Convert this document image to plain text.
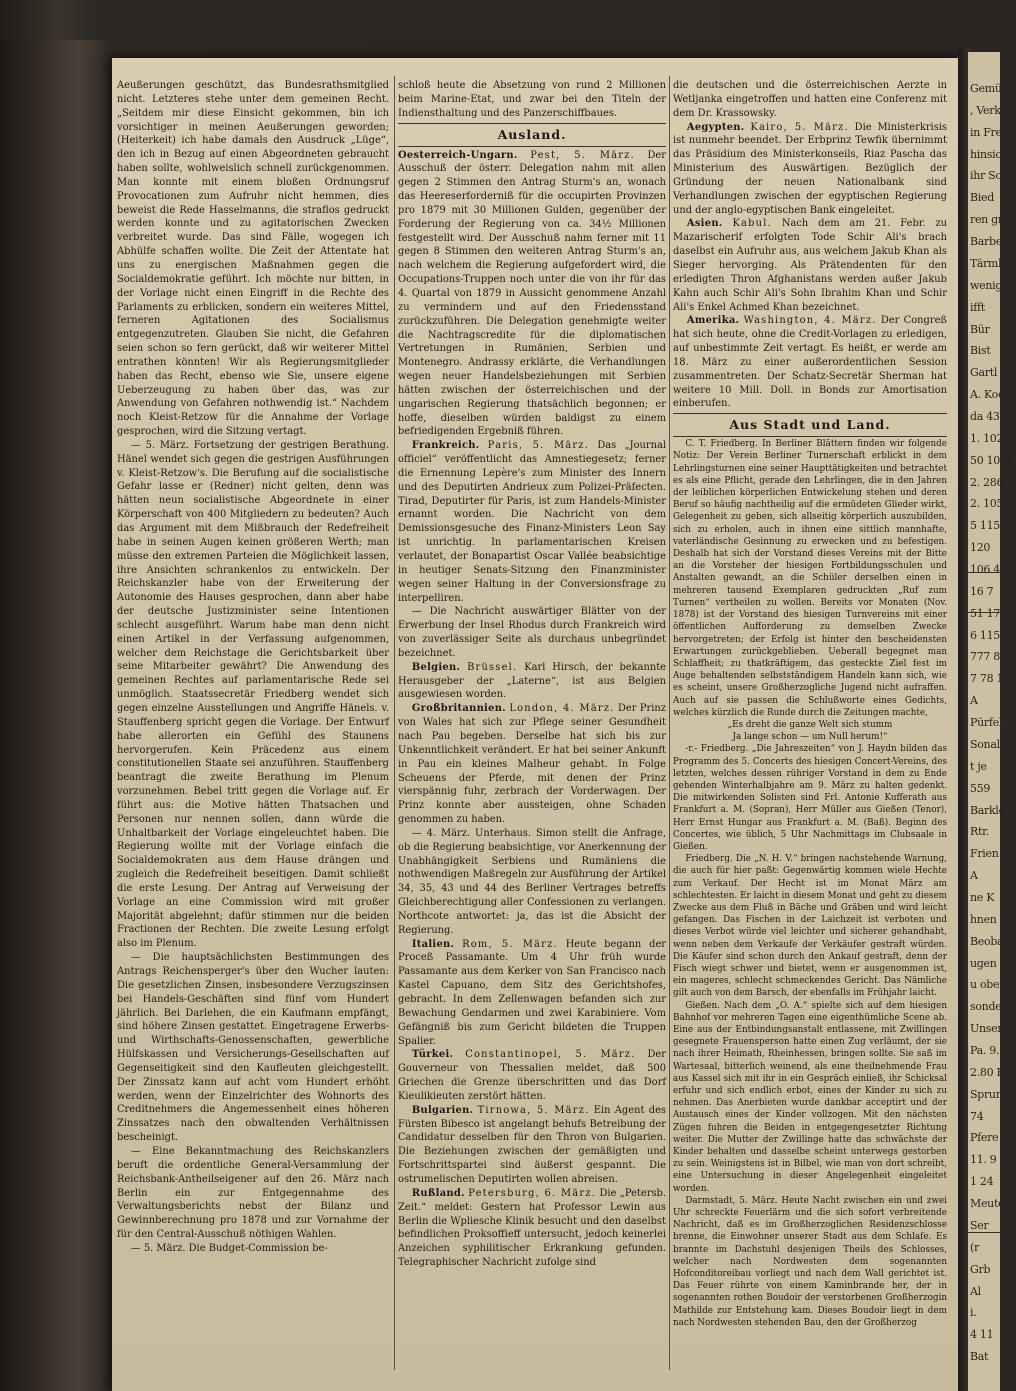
Gemüth
, Verkä
in Fre
hinsich
ihr Sch
Bied
ren gr
Barbe
Tärmber
wenig
ifft
Bür
Bist
Gartl
A. Kool
da 437
1. 1025
50 1028
2. 286
2. 105
5 1155
120
106 4
16 7
51 170
6 115
777 8
7 78 12
A
Pürfel
Sonal
t je
559
Barkle
Rtr.
Frien
A
ne K
hnen
Beobact
ugen
u ober
sonder
Unser
Pa. 9.
2.80 F
Sprun
74
Pfere
11. 9
1 24
Meute
Ser
(r
Grb
Al
i.
4 11
Bat

Aeußerungen geschützt, das Bundesrathsmitglied nicht. Letzteres stehe unter dem gemeinen Recht. „Seitdem mir diese Einsicht gekommen, bin ich vorsichtiger in meinen Aeußerungen geworden; (Heiterkeit) ich habe damals den Ausdruck „Lüge“, den ich in Bezug auf einen Abgeordneten gebraucht haben sollte, wohlweislich schnell zurückgenommen. Man konnte mit einem bloßen Ordnungsruf Provocationen zum Aufruhr nicht hemmen, dies beweist die Rede Hasselmanns, die straflos gedruckt werden konnte und zu agitatorischen Zwecken verbreitet wurde. Das sind Fälle, wogegen ich Abhülfe schaffen wollte. Die Zeit der Attentate hat uns zu energischen Maßnahmen gegen die Socialdemokratie geführt. Ich möchte nur bitten, in der Vorlage nicht einen Eingriff in die Rechte des Parlaments zu erblicken, sondern ein weiteres Mittel, ferneren Agitationen des Socialismus entgegenzutreten. Glauben Sie nicht, die Gefahren seien schon so fern gerückt, daß wir weiterer Mittel entrathen könnten! Wir als Regierungsmitglieder haben das Recht, ebenso wie Sie, unsere eigene Ueberzeugung zu haben über das, was zur Anwendung von Gefahren nothwendig ist.“ Nachdem noch Kleist-Retzow für die Annahme der Vorlage gesprochen, wird die Sitzung vertagt.

— 5. März. Fortsetzung der gestrigen Berathung. Hänel wendet sich gegen die gestrigen Ausführungen v. Kleist-Retzow's. Die Berufung auf die socialistische Gefahr lasse er (Redner) nicht gelten, denn was hätten neun socialistische Abgeordnete in einer Körperschaft von 400 Mitgliedern zu bedeuten? Auch das Argument mit dem Mißbrauch der Redefreiheit habe in seinen Augen keinen größeren Werth; man müsse den extremen Parteien die Möglichkeit lassen, ihre Ansichten schrankenlos zu entwickeln. Der Reichskanzler habe von der Erweiterung der Autonomie des Hauses gesprochen, dann aber habe der deutsche Justizminister seine Intentionen schlecht ausgeführt. Warum habe man denn nicht einen Artikel in der Verfassung aufgenommen, welcher dem Reichstage die Gerichtsbarkeit über seine Mitarbeiter gewährt? Die Anwendung des gemeinen Rechtes auf parlamentarische Rede sei unmöglich. Staatssecretär Friedberg wendet sich gegen einzelne Ausstellungen und Angriffe Hänels. v. Stauffenberg spricht gegen die Vorlage. Der Entwurf habe allerorten ein Gefühl des Staunens hervorgerufen. Kein Präcedenz aus einem constitutionellen Staate sei anzuführen. Stauffenberg beantragt die zweite Berathung im Plenum vorzunehmen. Bebel tritt gegen die Vorlage auf. Er führt aus: die Motive hätten Thatsachen und Personen nur nennen sollen, dann würde die Unhaltbarkeit der Vorlage eingeleuchtet haben. Die Regierung wollte mit der Vorlage einfach die Socialdemokraten aus dem Hause drängen und zugleich die Redefreiheit beseitigen. Damit schließt die erste Lesung. Der Antrag auf Verweisung der Vorlage an eine Commission wird mit großer Majorität abgelehnt; dafür stimmen nur die beiden Fractionen der Rechten. Die zweite Lesung erfolgt also im Plenum.

— Die hauptsächlichsten Bestimmungen des Antrags Reichensperger's über den Wucher lauten: Die gesetzlichen Zinsen, insbesondere Verzugszinsen bei Handels-Geschäften sind fünf vom Hundert jährlich. Bei Darlehen, die ein Kaufmann empfängt, sind höhere Zinsen gestattet. Eingetragene Erwerbs- und Wirthschafts-Genossenschaften, gewerbliche Hülfskassen und Versicherungs-Gesellschaften auf Gegenseitigkeit sind den Kaufleuten gleichgestellt. Der Zinssatz kann auf acht vom Hundert erhöht werden, wenn der Einzelrichter des Wohnorts des Creditnehmers die Angemessenheit eines höheren Zinssatzes nach den obwaltenden Verhältnissen bescheinigt.

— Eine Bekanntmachung des Reichskanzlers beruft die ordentliche General-Versammlung der Reichsbank-Antheilseigener auf den 26. März nach Berlin ein zur Entgegennahme des Verwaltungsberichts nebst der Bilanz und Gewinnberechnung pro 1878 und zur Vornahme der für den Central-Ausschuß nöthigen Wahlen.

— 5. März. Die Budget-Commission be-

schloß heute die Absetzung von rund 2 Millionen beim Marine-Etat, und zwar bei den Titeln der Indiensthaltung und des Panzerschiffbaues.

Ausland.

Oesterreich-Ungarn. Pest, 5. März. Der Ausschuß der österr. Delegation nahm mit allen gegen 2 Stimmen den Antrag Sturm's an, wonach das Heereserforderniß für die occupirten Provinzen pro 1879 mit 30 Millionen Gulden, gegenüber der Forderung der Regierung von ca. 34½ Millionen festgestellt wird. Der Ausschuß nahm ferner mit 11 gegen 8 Stimmen den weiteren Antrag Sturm's an, nach welchem die Regierung aufgefordert wird, die Occupations-Truppen noch unter die von ihr für das 4. Quartal von 1879 in Aussicht genommene Anzahl zu vermindern und auf den Friedensstand zurückzuführen. Die Delegation genehmigte weiter die Nachtragscredite für die diplomatischen Vertretungen in Rumänien, Serbien und Montenegro. Andrassy erklärte, die Verhandlungen wegen neuer Handelsbeziehungen mit Serbien hätten zwischen der österreichischen und der ungarischen Regierung thatsächlich begonnen; er hoffe, dieselben würden baldigst zu einem befriedigenden Ergebniß führen.

Frankreich. Paris, 5. März. Das „Journal officiel“ veröffentlicht das Amnestiegesetz; ferner die Ernennung Lepère's zum Minister des Innern und des Deputirten Andrieux zum Polizei-Präfecten. Tirad, Deputirter für Paris, ist zum Handels-Minister ernannt worden. Die Nachricht von dem Demissionsgesuche des Finanz-Ministers Leon Say ist unrichtig. In parlamentarischen Kreisen verlautet, der Bonapartist Oscar Vallée beabsichtige in heutiger Senats-Sitzung den Finanzminister wegen seiner Haltung in der Conversionsfrage zu interpelliren.

— Die Nachricht auswärtiger Blätter von der Erwerbung der Insel Rhodus durch Frankreich wird von zuverlässiger Seite als durchaus unbegründet bezeichnet.

Belgien. Brüssel. Karl Hirsch, der bekannte Herausgeber der „Laterne“, ist aus Belgien ausgewiesen worden.

Großbritannien. London, 4. März. Der Prinz von Wales hat sich zur Pflege seiner Gesundheit nach Pau begeben. Derselbe hat sich bis zur Unkenntlichkeit verändert. Er hat bei seiner Ankunft in Pau ein kleines Malheur gehabt. In Folge Scheuens der Pferde, mit denen der Prinz vierspännig fuhr, zerbrach der Vorderwagen. Der Prinz konnte aber aussteigen, ohne Schaden genommen zu haben.

— 4. März. Unterhaus. Simon stellt die Anfrage, ob die Regierung beabsichtige, vor Anerkennung der Unabhängigkeit Serbiens und Rumäniens die nothwendigen Maßregeln zur Ausführung der Artikel 34, 35, 43 und 44 des Berliner Vertrages betreffs Gleichberechtigung aller Confessionen zu verlangen. Northcote antwortet: ja, das ist die Absicht der Regierung.

Italien. Rom, 5. März. Heute begann der Proceß Passamante. Um 4 Uhr früh wurde Passamante aus dem Kerker von San Francisco nach Kastel Capuano, dem Sitz des Gerichtshofes, gebracht. In dem Zellenwagen befanden sich zur Bewachung Gendarmen und zwei Karabiniere. Vom Gefängniß bis zum Gericht bildeten die Truppen Spalier.

Türkei. Constantinopel, 5. März. Der Gouverneur von Thessalien meldet, daß 500 Griechen die Grenze überschritten und das Dorf Kieulikieuten zerstört hätten.

Bulgarien. Tirnowa, 5. März. Ein Agent des Fürsten Bibesco ist angelangt behufs Betreibung der Candidatur desselben für den Thron von Bulgarien. Die Beziehungen zwischen der gemäßigten und Fortschrittspartei sind äußerst gespannt. Die ostrumelischen Deputirten wollen abreisen.

Rußland. Petersburg, 6. März. Die „Petersb. Zeit.“ meldet: Gestern hat Professor Lewin aus Berlin die Wpliesche Klinik besucht und den daselbst befindlichen Proksoffieff untersucht, jedoch keinerlei Anzeichen syphilitischer Erkrankung gefunden. Telegraphischer Nachricht zufolge sind

die deutschen und die österreichischen Aerzte in Wetljanka eingetroffen und hatten eine Conferenz mit dem Dr. Krassowsky.

Aegypten. Kairo, 5. März. Die Ministerkrisis ist nunmehr beendet. Der Erbprinz Tewfik übernimmt das Präsidium des Ministerkonseils, Riaz Pascha das Ministerium des Auswärtigen. Bezüglich der Gründung der neuen Nationalbank sind Verhandlungen zwischen der egyptischen Regierung und der anglo-egyptischen Bank eingeleitet.

Asien. Kabul. Nach dem am 21. Febr. zu Mazarischerif erfolgten Tode Schir Ali's brach daselbst ein Aufruhr aus, aus welchem Jakub Khan als Sieger hervorging. Als Prätendenten für den erledigten Thron Afghanistans werden außer Jakub Kahn auch Schir Ali's Sohn Ibrahim Khan und Schir Ali's Enkel Achmed Khan bezeichnet.

Amerika. Washington, 4. März. Der Congreß hat sich heute, ohne die Credit-Vorlagen zu erledigen, auf unbestimmte Zeit vertagt. Es heißt, er werde am 18. März zu einer außerordentlichen Session zusammentreten. Der Schatz-Secretär Sherman hat weitere 10 Mill. Doll. in Bonds zur Amortisation einberufen.

Aus Stadt und Land.

C. T. Friedberg. In Berliner Blättern finden wir folgende Notiz: Der Verein Berliner Turnerschaft erblickt in dem Lehrlingsturnen eine seiner Haupttätigkeiten und betrachtet es als eine Pflicht, gerade den Lehrlingen, die in den Jahren der leiblichen körperlichen Entwickelung stehen und deren Beruf so häufig nachtheilig auf die ermüdeten Glieder wirkt, Gelegenheit zu geben, sich allseitig körperlich auszubilden, sich zu erholen, auch in ihnen eine sittlich mannhafte, vaterländische Gesinnung zu erwecken und zu befestigen. Deshalb hat sich der Vorstand dieses Vereins mit der Bitte an die Vorsteher der hiesigen Fortbildungsschulen und Anstalten gewandt, an die Schüler derselben einen in mehreren tausend Exemplaren gedruckten „Ruf zum Turnen“ vertheilen zu wollen. Bereits vor Monaten (Nov. 1878) ist der Vorstand des hiesigen Turnvereins mit einer öffentlichen Aufforderung zu demselben Zwecke hervorgetreten; der Erfolg ist hinter den bescheidensten Erwartungen zurückgeblieben. Ueberall begegnet man Schlaffheit; zu thatkräftigem, das gesteckte Ziel fest im Auge behaltenden selbstständigem Handeln kann sich, wie es scheint, unsere Großherzogliche Jugend nicht aufraffen. Auch auf sie passen die Schlußworte eines Gedichts, welches kürzlich die Runde durch die Zeitungen machte,

„Es dreht die ganze Welt sich stumm

Ja lange schon — um Null herum!“

-r.- Friedberg. „Die Jahreszeiten“ von J. Haydn bilden das Programm des 5. Concerts des hiesigen Concert-Vereins, des letzten, welches dessen rühriger Vorstand in dem zu Ende gehenden Winterhalbjahre am 9. März zu halten gedenkt. Die mitwirkenden Solisten sind Frl. Antonie Kufferath aus Frankfurt a. M. (Sopran), Herr Müller aus Gießen (Tenor), Herr Ernst Hungar aus Frankfurt a. M. (Baß). Beginn des Concertes, wie üblich, 5 Uhr Nachmittags im Clubsaale in Gießen.

Friedberg. Die „N. H. V.“ bringen nachstehende Warnung, die auch für hier paßt: Gegenwärtig kommen wiele Hechte zum Verkauf. Der Hecht ist im Monat März am schlechtesten. Er laicht in diesem Monat und geht zu diesem Zwecke aus dem Fluß in Bäche und Gräben und wird leicht gefangen. Das Fischen in der Laichzeit ist verboten und dieses Verbot würde viel leichter und sicherer gehandhabt, wenn neben dem Verkaufe der Verkäufer gestraft würden. Die Käufer sind schon durch den Ankauf gestraft, denn der Fisch wiegt schwer und bietet, wenn er ausgenommen ist, ein mageres, schlecht schmeckendes Gericht. Das Nämliche gilt auch von dem Barsch, der ebenfalls im Frühjahr laicht.

Gießen. Nach dem „O. A.“ spielte sich auf dem hiesigen Bahnhof vor mehreren Tagen eine eigenthümliche Scene ab. Eine aus der Entbindungsanstalt entlassene, mit Zwillingen gesegnete Frauensperson hatte einen Zug verläumt, der sie nach ihrer Heimath, Rheinhessen, bringen sollte. Sie saß im Wartesaal, bitterlich weinend, als eine theilnehmende Frau aus Kassel sich mit ihr in ein Gespräch einließ, ihr Schicksal erfuhr und sich endlich erbot, eines der Kinder zu sich zu nehmen. Das Anerbieten wurde dankbar acceptirt und der Austausch eines der Kinder vollzogen. Mit den nächsten Zügen fuhren die Beiden in entgegengesetzter Richtung weiter. Die Mutter der Zwillinge hatte das schwächste der Kinder behalten und dasselbe scheint unterwegs gestorben zu sein. Weinigstens ist in Bilbel, wie man von dort schreibt, eine Untersuchung in dieser Angelegenheit eingeleitet worden.

Darmstadt, 5. März. Heute Nacht zwischen ein und zwei Uhr schreckte Feuerlärm und die sich sofort verbreitende Nachricht, daß es im Großherzoglichen Residenzschlosse brenne, die Einwohner unserer Stadt aus dem Schlafe. Es brannte im Dachstuhl desjenigen Theils des Schlosses, welcher nach Nordwesten dem sogenannten Hofconditoreibau vorliegt und nach dem Wall gerichtet ist. Das Feuer rührte von einem Kaminbrande her, der in sogenannten rothen Boudoir der verstorbenen Großherzogin Mathilde zur Entstehung kam. Dieses Boudoir liegt in dem nach Nordwesten stehenden Bau, den der Großherzog
